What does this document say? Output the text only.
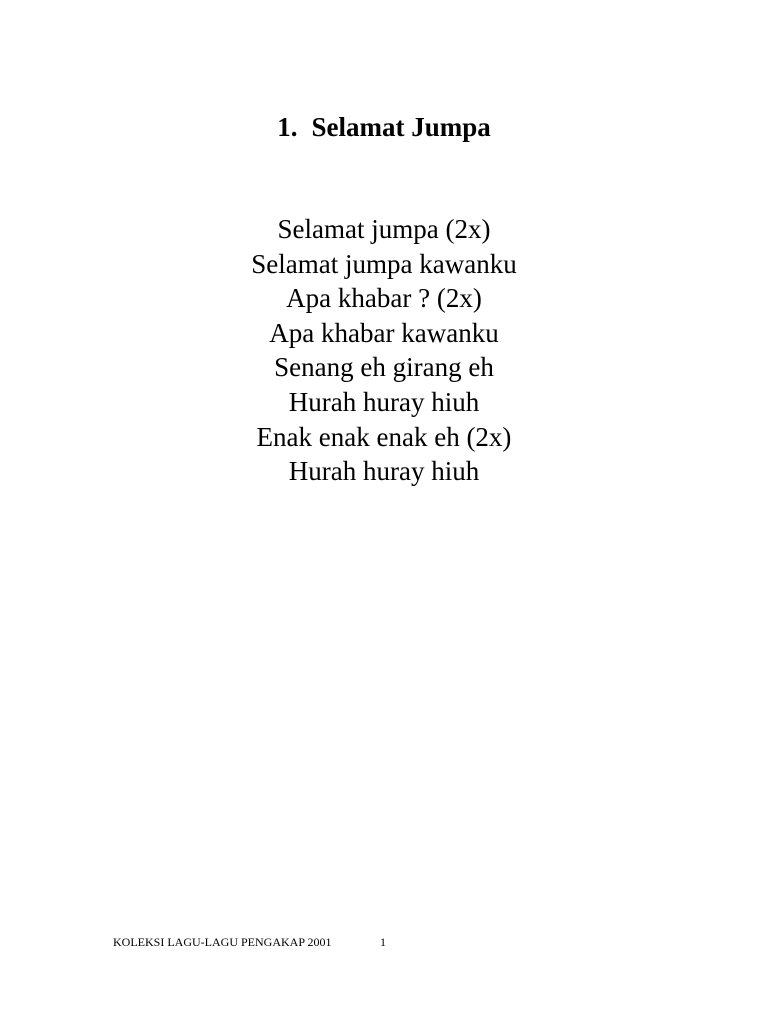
1. Selamat Jumpa
Selamat jumpa (2x)
Selamat jumpa kawanku
Apa khabar ? (2x)
Apa khabar kawanku
Senang eh girang eh
Hurah huray hiuh
Enak enak enak eh (2x)
Hurah huray hiuh
KOLEKSI LAGU-LAGU PENGAKAP 2001	1
